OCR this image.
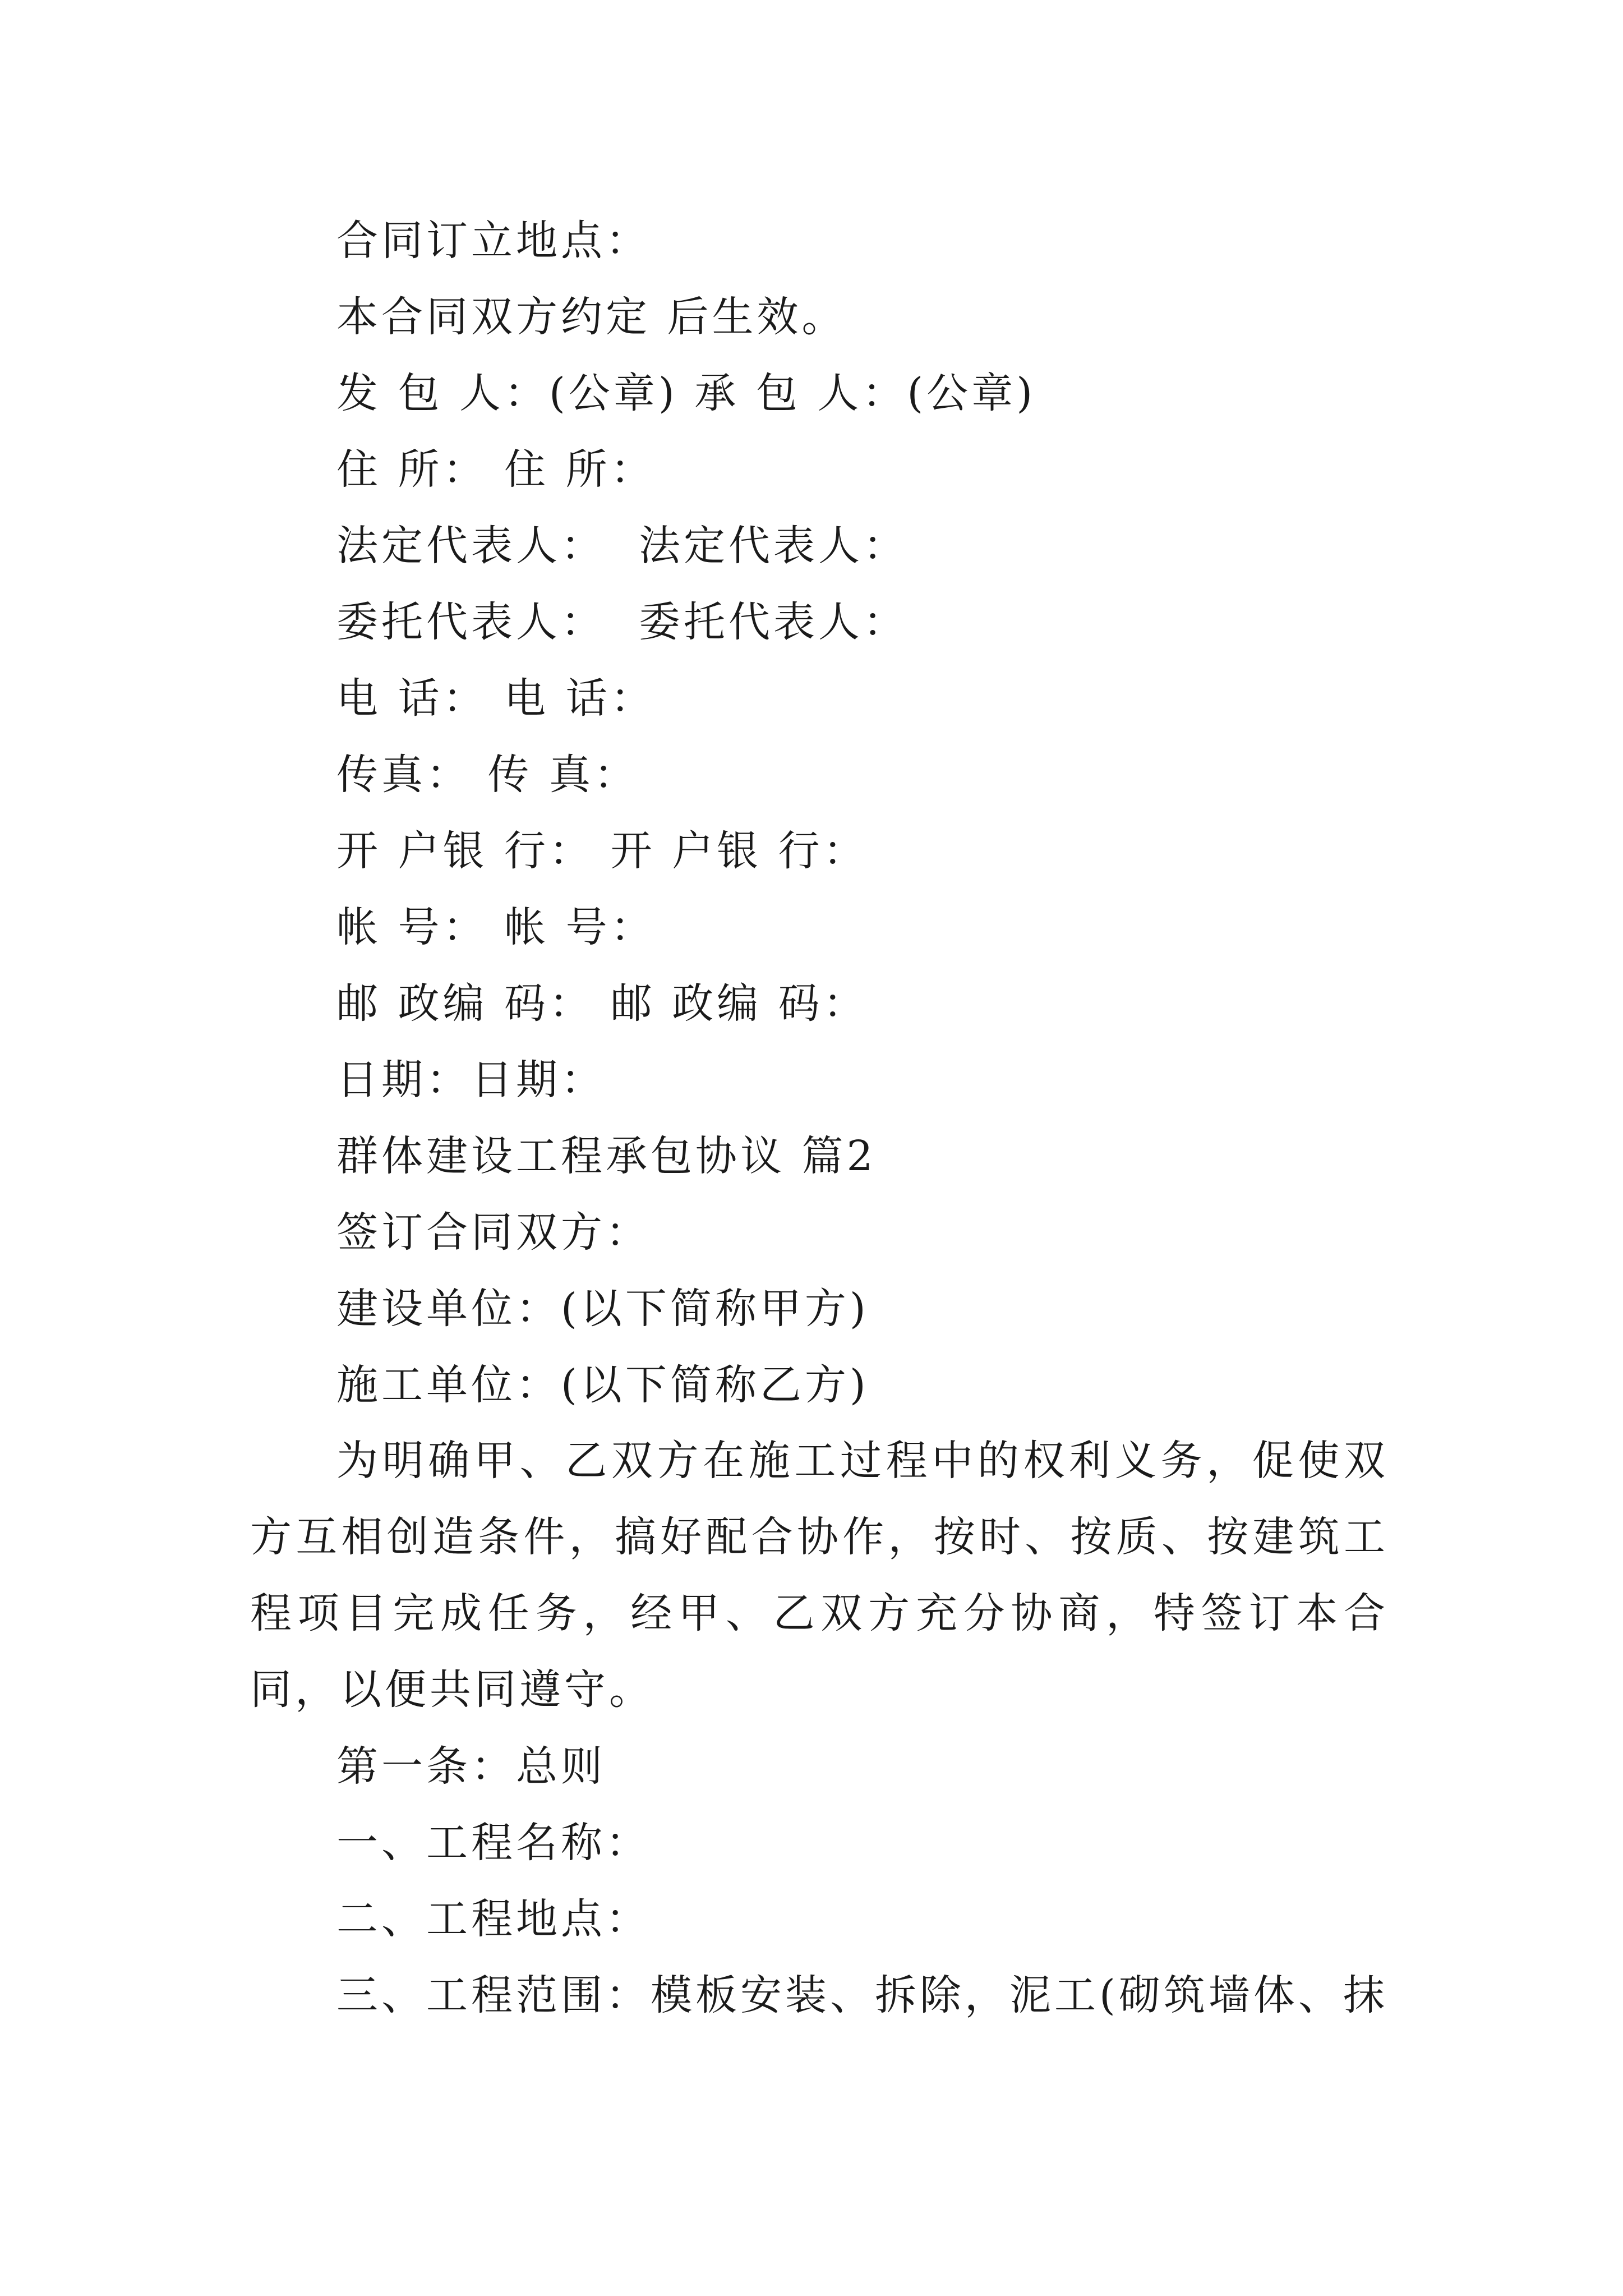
合同订立地点：
本合同双方约定 后生效。
发 包 人：(公章) 承 包 人：(公章)
住 所： 住 所：
法定代表人：  法定代表人：
委托代表人：  委托代表人：
电 话： 电 话：
传真： 传 真：
开 户银 行： 开 户银 行：
帐 号： 帐 号：
邮 政编 码： 邮 政编 码：
日期：日期：
群体建设工程承包协议 篇2
签订合同双方：
建设单位：(以下简称甲方)
施工单位：(以下简称乙方)
为明确甲、乙双方在施工过程中的权利义务，促使双方互相创造条件，搞好配合协作，按时、按质、按建筑工程项目完成任务，经甲、乙双方充分协商，特签订本合同，以便共同遵守。
第一条：总则
一、工程名称：
二、工程地点：
三、工程范围：模板安装、拆除，泥工(砌筑墙体、抹
